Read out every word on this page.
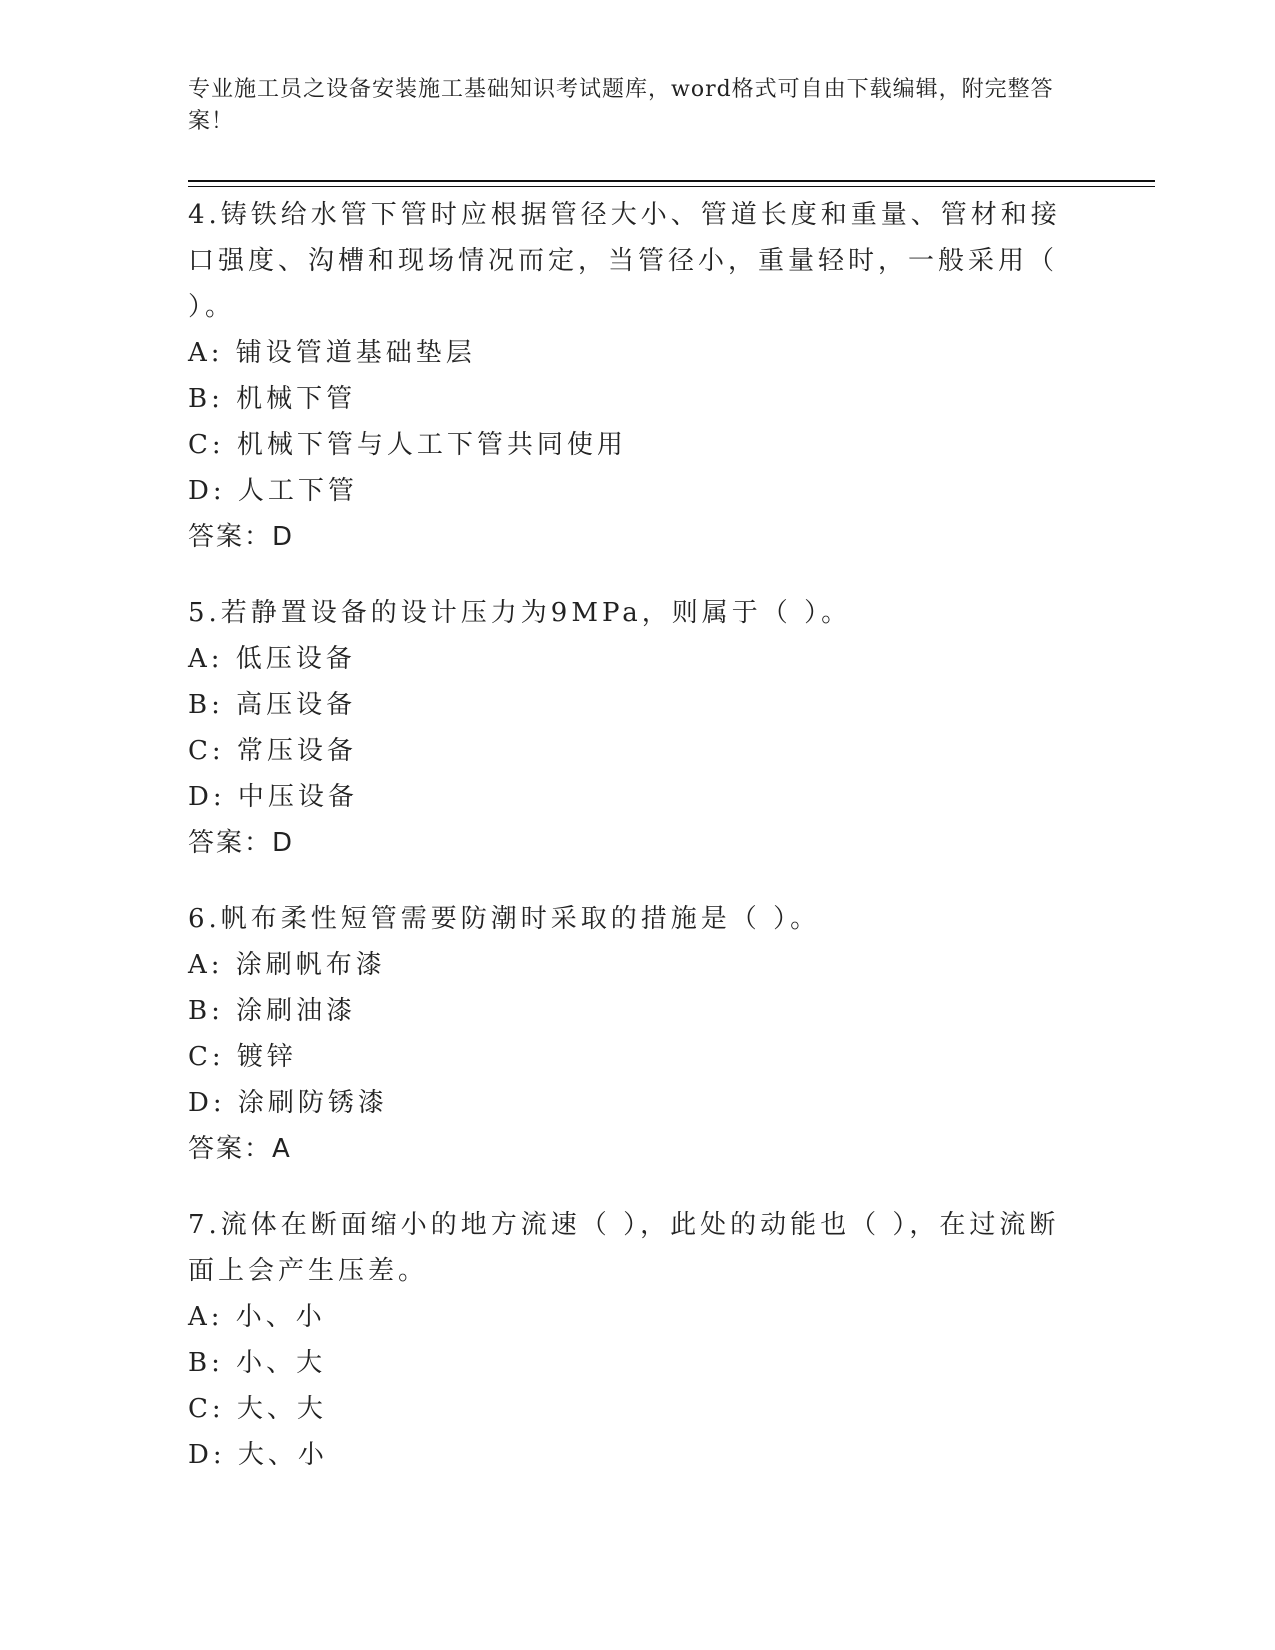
专业施工员之设备安装施工基础知识考试题库，word格式可自由下载编辑，附完整答案！
4.铸铁给水管下管时应根据管径大小、管道长度和重量、管材和接口强度、沟槽和现场情况而定，当管径小，重量轻时，一般采用（ ）。
A: 铺设管道基础垫层
B: 机械下管
C: 机械下管与人工下管共同使用
D: 人工下管
答案：D
5.若静置设备的设计压力为9MPa，则属于（ ）。
A: 低压设备
B: 高压设备
C: 常压设备
D: 中压设备
答案：D
6.帆布柔性短管需要防潮时采取的措施是（ ）。
A: 涂刷帆布漆
B: 涂刷油漆
C: 镀锌
D: 涂刷防锈漆
答案：A
7.流体在断面缩小的地方流速（ ），此处的动能也（ ），在过流断面上会产生压差。
A: 小、小
B: 小、大
C: 大、大
D: 大、小
